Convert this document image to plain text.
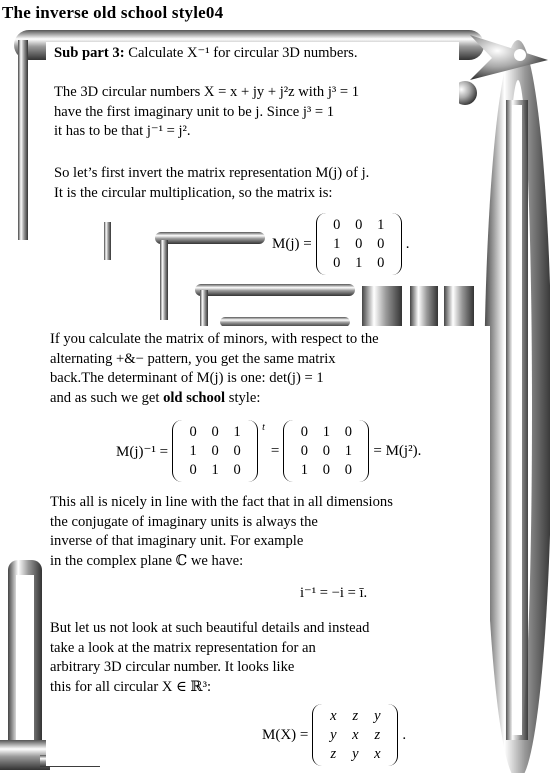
The inverse old school style04
Sub part 3: Calculate X⁻¹ for circular 3D numbers.
The 3D circular numbers X = x + jy + j²z with j³ = 1
have the first imaginary unit to be j. Since j³ = 1
it has to be that j⁻¹ = j².
So let’s first invert the matrix representation M(j) of j.
It is the circular multiplication, so the matrix is:
M(j) =
0	0	1
1	0	0
0	1	0
.
If you calculate the matrix of minors, with respect to the
alternating +&− pattern, you get the same matrix
back.The determinant of M(j) is one: det(j) = 1
and as such we get old school style:
M(j)⁻¹ =
0	0	1
1	0	0
0	1	0
t
=
0	1	0
0	0	1
1	0	0
= M(j²).
This all is nicely in line with the fact that in all dimensions
the conjugate of imaginary units is always the
inverse of that imaginary unit. For example
in the complex plane ℂ we have:
i⁻¹ = −i = ī.
But let us not look at such beautiful details and instead
take a look at the matrix representation for an
arbitrary 3D circular number. It looks like
this for all circular X ∈ ℝ³:
M(X) =
x	z	y
y	x	z
z	y	x
.
